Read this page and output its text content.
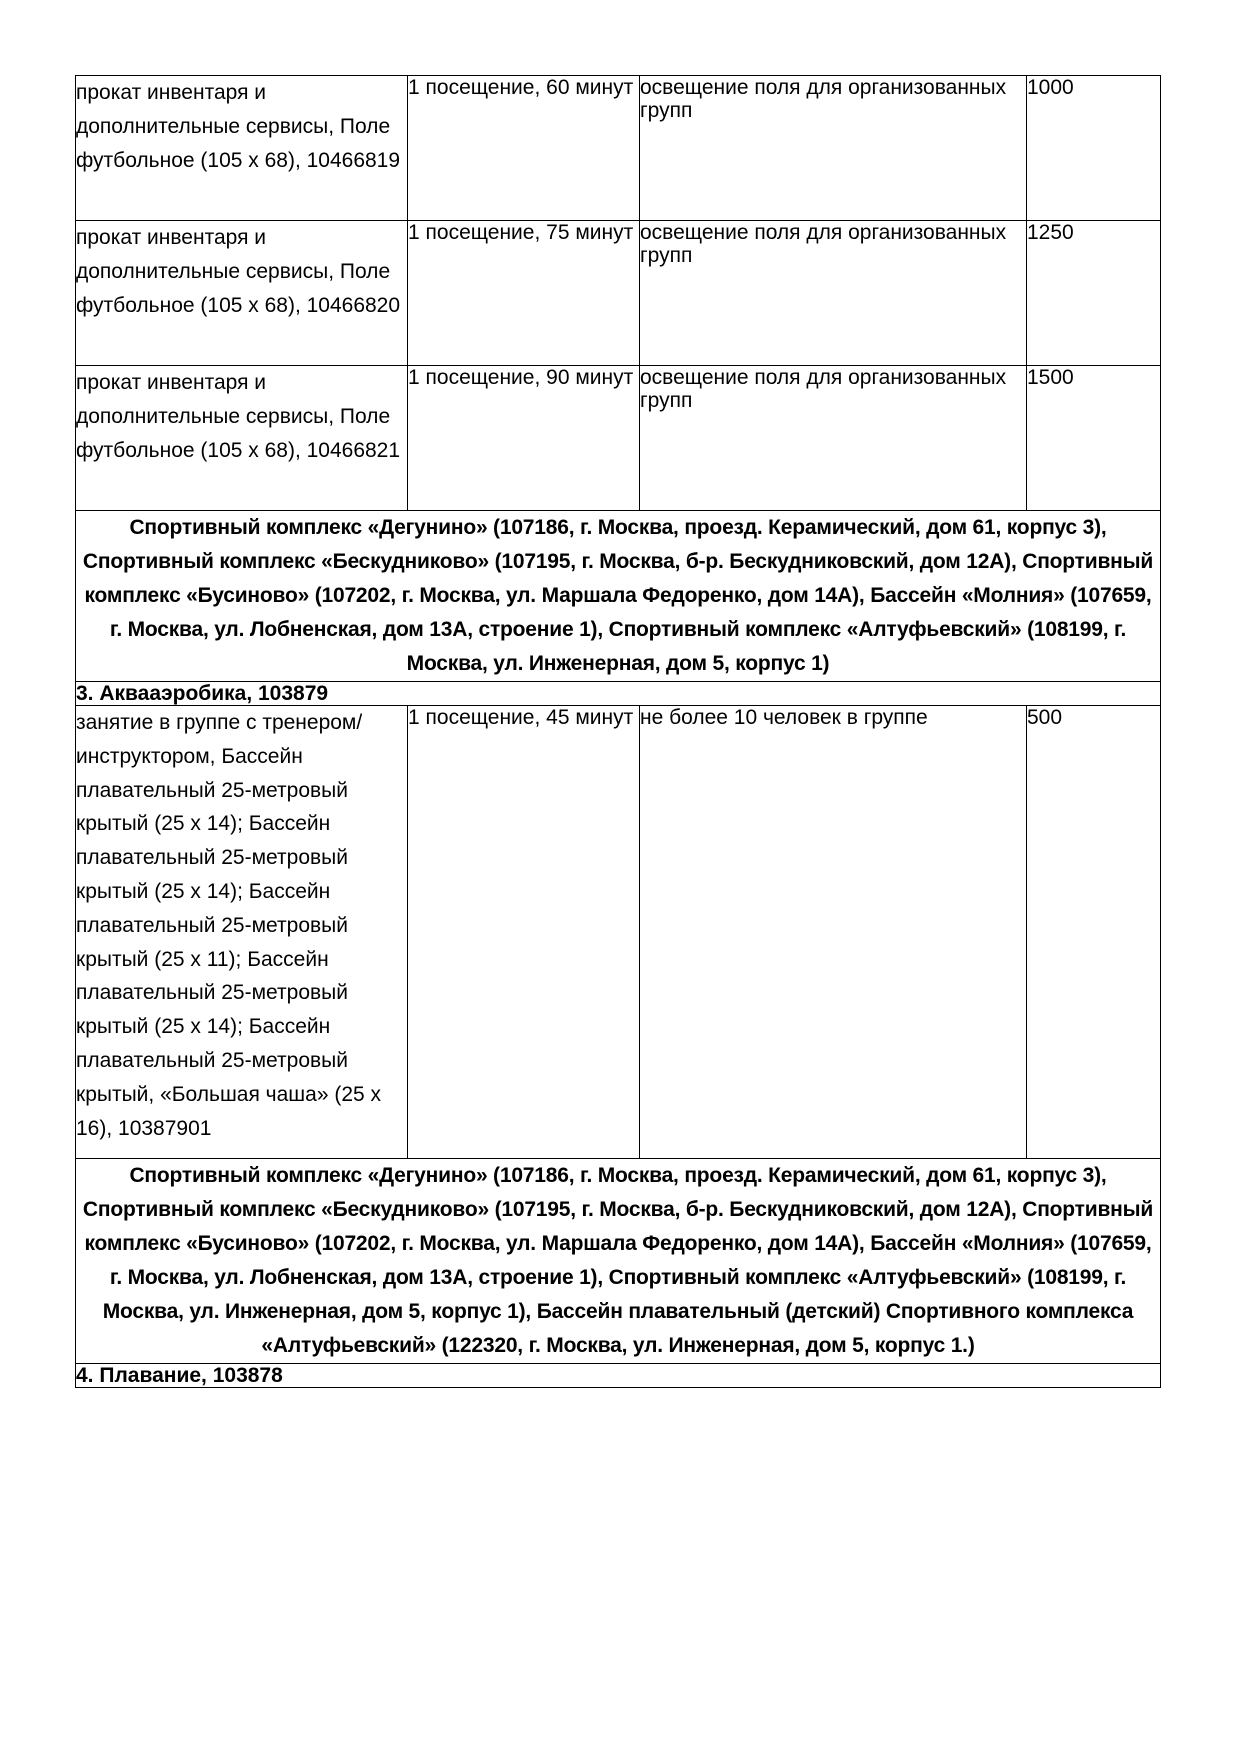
прокат инвентаря и дополнительные сервисы, Поле футбольное (105 х 68), 10466819	1 посещение, 60 минут	освещение поля для организованных групп	1000
прокат инвентаря и дополнительные сервисы, Поле футбольное (105 х 68), 10466820	1 посещение, 75 минут	освещение поля для организованных групп	1250
прокат инвентаря и дополнительные сервисы, Поле футбольное (105 х 68), 10466821	1 посещение, 90 минут	освещение поля для организованных групп	1500
Спортивный комплекс «Дегунино» (107186, г. Москва, проезд. Керамический, дом 61, корпус 3), Спортивный комплекс «Бескудниково» (107195, г. Москва, б-р. Бескудниковский, дом 12А), Спортивный комплекс «Бусиново» (107202, г. Москва, ул. Маршала Федоренко, дом 14А), Бассейн «Молния» (107659, г. Москва, ул. Лобненская, дом 13А, строение 1), Спортивный комплекс «Алтуфьевский» (108199, г. Москва, ул. Инженерная, дом 5, корпус 1)			
3. Аквааэробика, 103879			
занятие в группе с тренером/инструктором, Бассейн плавательный 25-метровый крытый (25 х 14); Бассейн плавательный 25-метровый крытый (25 х 14); Бассейн плавательный 25-метровый крытый (25 х 11); Бассейн плавательный 25-метровый крытый (25 х 14); Бассейн плавательный 25-метровый крытый, «Большая чаша» (25 х 16), 10387901	1 посещение, 45 минут	не более 10 человек в группе	500
Спортивный комплекс «Дегунино» (107186, г. Москва, проезд. Керамический, дом 61, корпус 3), Спортивный комплекс «Бескудниково» (107195, г. Москва, б-р. Бескудниковский, дом 12А), Спортивный комплекс «Бусиново» (107202, г. Москва, ул. Маршала Федоренко, дом 14А), Бассейн «Молния» (107659, г. Москва, ул. Лобненская, дом 13А, строение 1), Спортивный комплекс «Алтуфьевский» (108199, г. Москва, ул. Инженерная, дом 5, корпус 1), Бассейн плавательный (детский) Спортивного комплекса «Алтуфьевский» (122320, г. Москва, ул. Инженерная, дом 5, корпус 1.)			
4. Плавание, 103878			
